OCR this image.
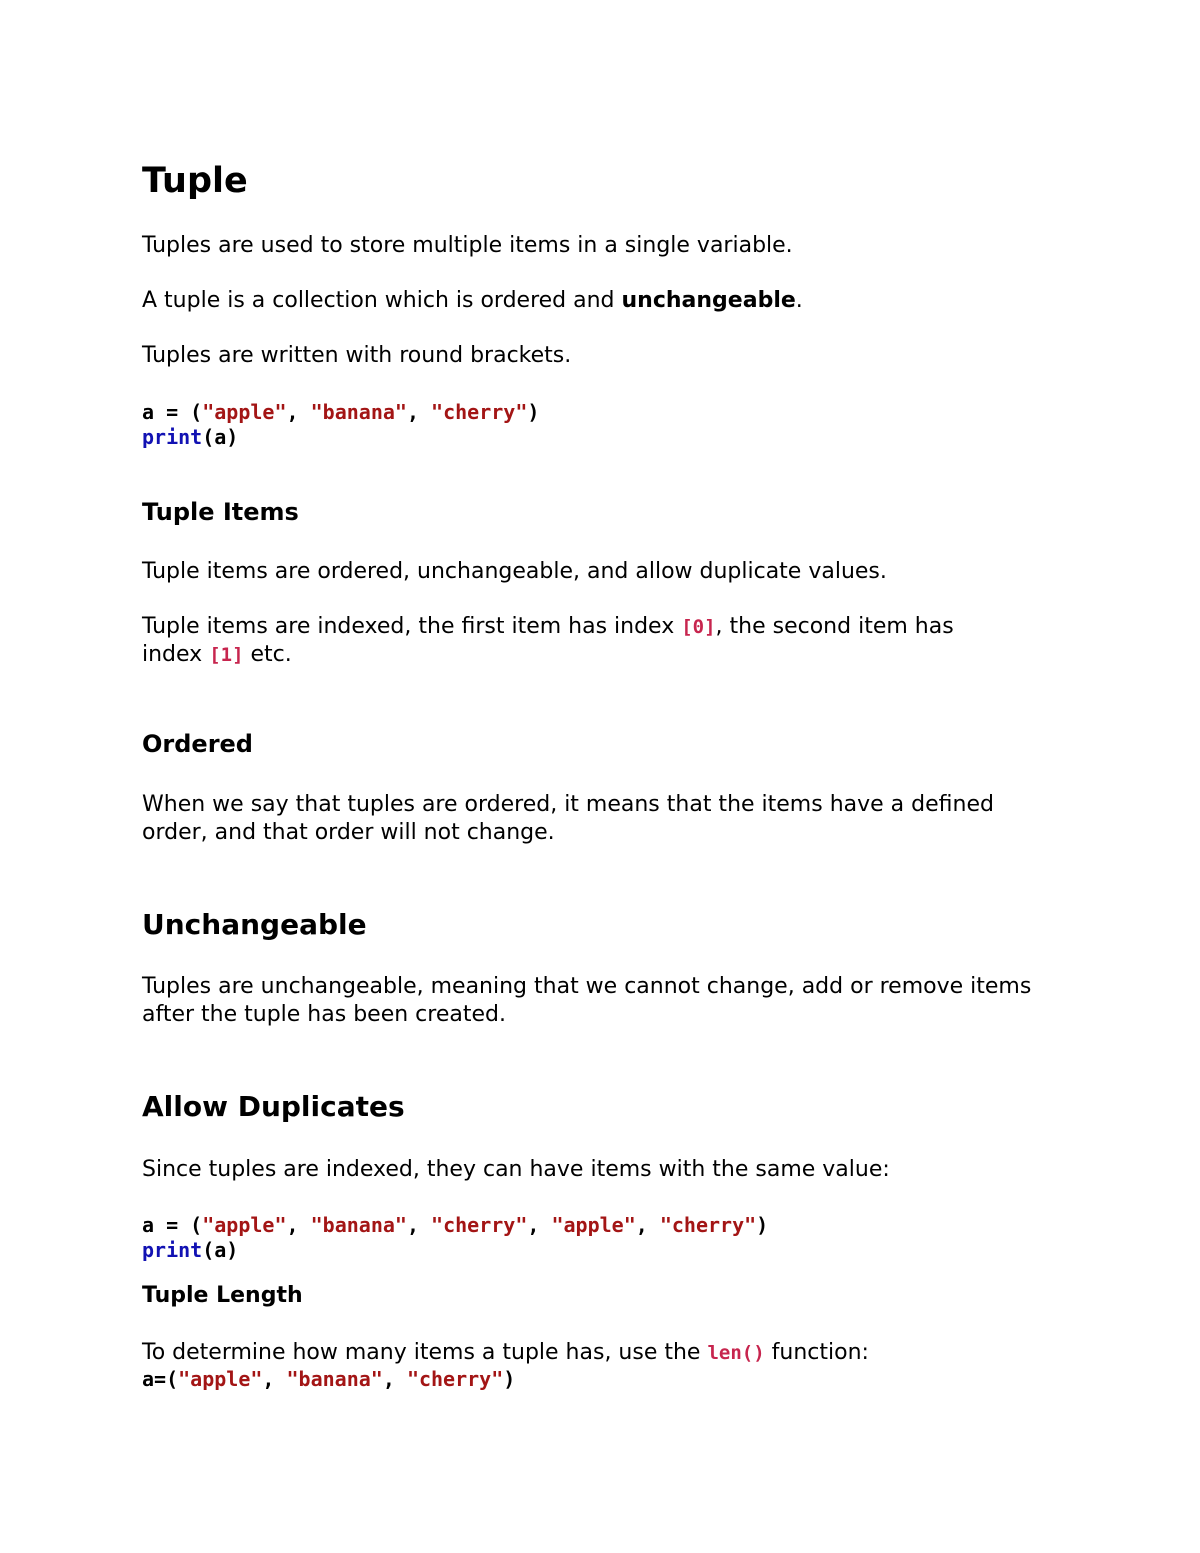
Tuple

Tuples are used to store multiple items in a single variable.

A tuple is a collection which is ordered and unchangeable.

Tuples are written with round brackets.

a = ("apple", "banana", "cherry")
print(a)
Tuple Items

Tuple items are ordered, unchangeable, and allow duplicate values.

Tuple items are indexed, the first item has index [0], the second item has
index [1] etc.
Ordered
When we say that tuples are ordered, it means that the items have a defined
order, and that order will not change.
Unchangeable
Tuples are unchangeable, meaning that we cannot change, add or remove items
after the tuple has been created.
Allow Duplicates

Since tuples are indexed, they can have items with the same value:

a = ("apple", "banana", "cherry", "apple", "cherry")
print(a)
Tuple Length
To determine how many items a tuple has, use the len() function:
a=("apple", "banana", "cherry")
